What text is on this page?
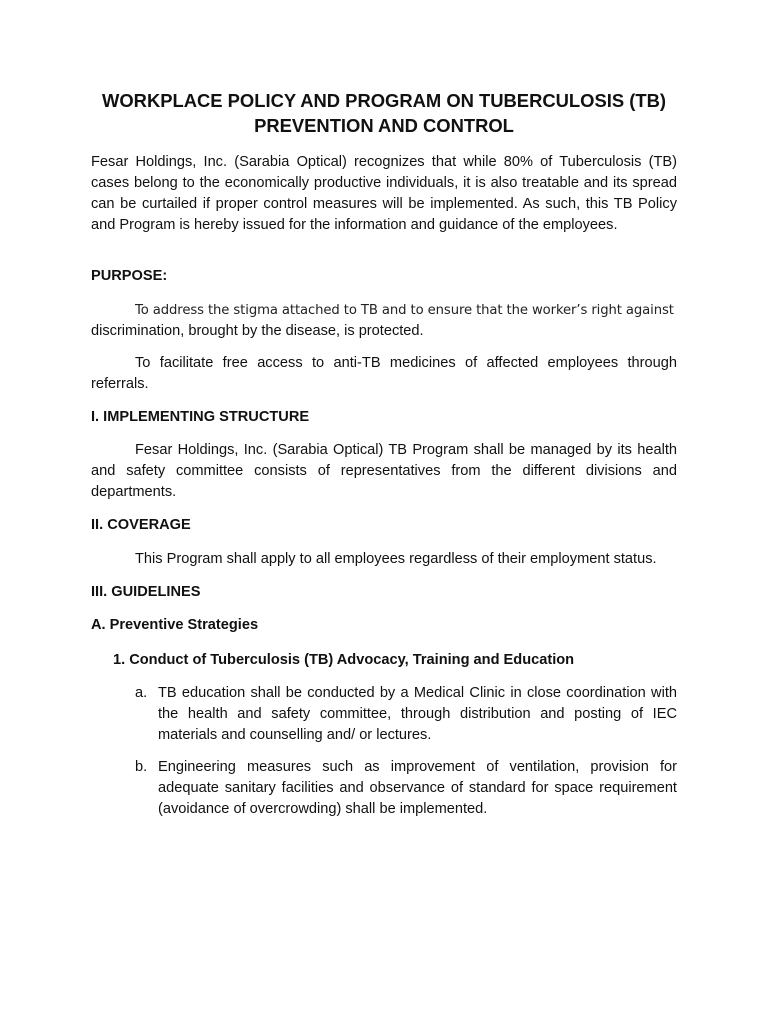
WORKPLACE POLICY AND PROGRAM ON TUBERCULOSIS (TB)
PREVENTION AND CONTROL

Fesar Holdings, Inc. (Sarabia Optical) recognizes that while 80% of Tuberculosis (TB) cases belong to the economically productive individuals, it is also treatable and its spread can be curtailed if proper control measures will be implemented. As such, this TB Policy and Program is hereby issued for the information and guidance of the employees.

PURPOSE:

To address the stigma attached to TB and to ensure that the worker’s right against
discrimination, brought by the disease, is protected.

To facilitate free access to anti-TB medicines of affected employees through referrals.

I. IMPLEMENTING STRUCTURE

Fesar Holdings, Inc. (Sarabia Optical) TB Program shall be managed by its health and safety committee consists of representatives from the different divisions and departments.

II. COVERAGE

This Program shall apply to all employees regardless of their employment status.

III. GUIDELINES

A. Preventive Strategies

1. Conduct of Tuberculosis (TB) Advocacy, Training and Education

a. TB education shall be conducted by a Medical Clinic in close coordination with the health and safety committee, through distribution and posting of IEC materials and counselling and/ or lectures.
b. Engineering measures such as improvement of ventilation, provision for adequate sanitary facilities and observance of standard for space requirement (avoidance of overcrowding) shall be implemented.
